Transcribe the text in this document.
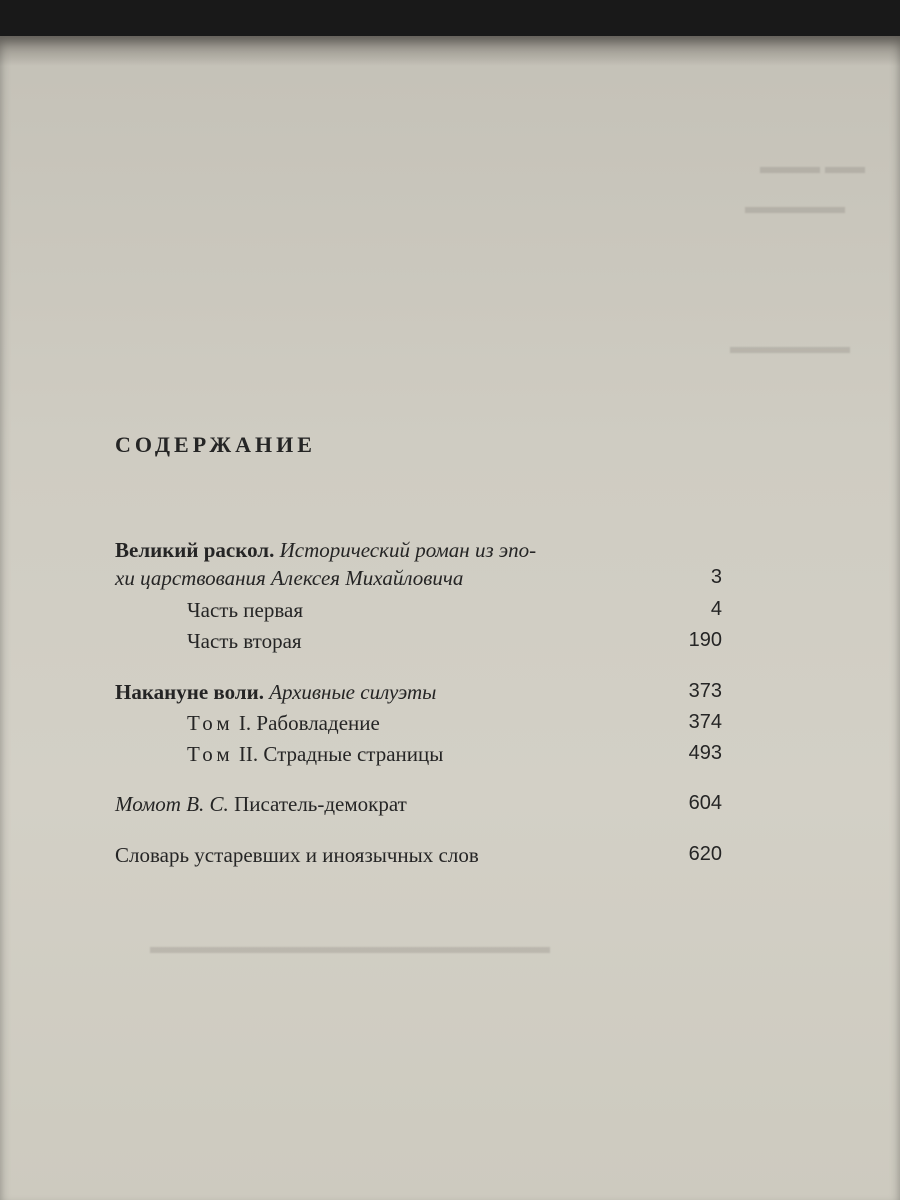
▬▬▬ ▬▬
▬▬▬▬▬
▬▬▬▬▬▬
▬▬▬▬▬▬▬▬▬▬▬▬▬▬▬▬▬▬▬▬
СОДЕРЖАНИЕ
Великий раскол. Исторический роман из эпо-
хи царствования Алексея Михайловича	3
Часть первая	4
Часть вторая	190
Накануне воли. Архивные силуэты	373
Том I. Рабовладение	374
Том II. Страдные страницы	493
Момот В. С. Писатель-демократ	604
Словарь устаревших и иноязычных слов	620
